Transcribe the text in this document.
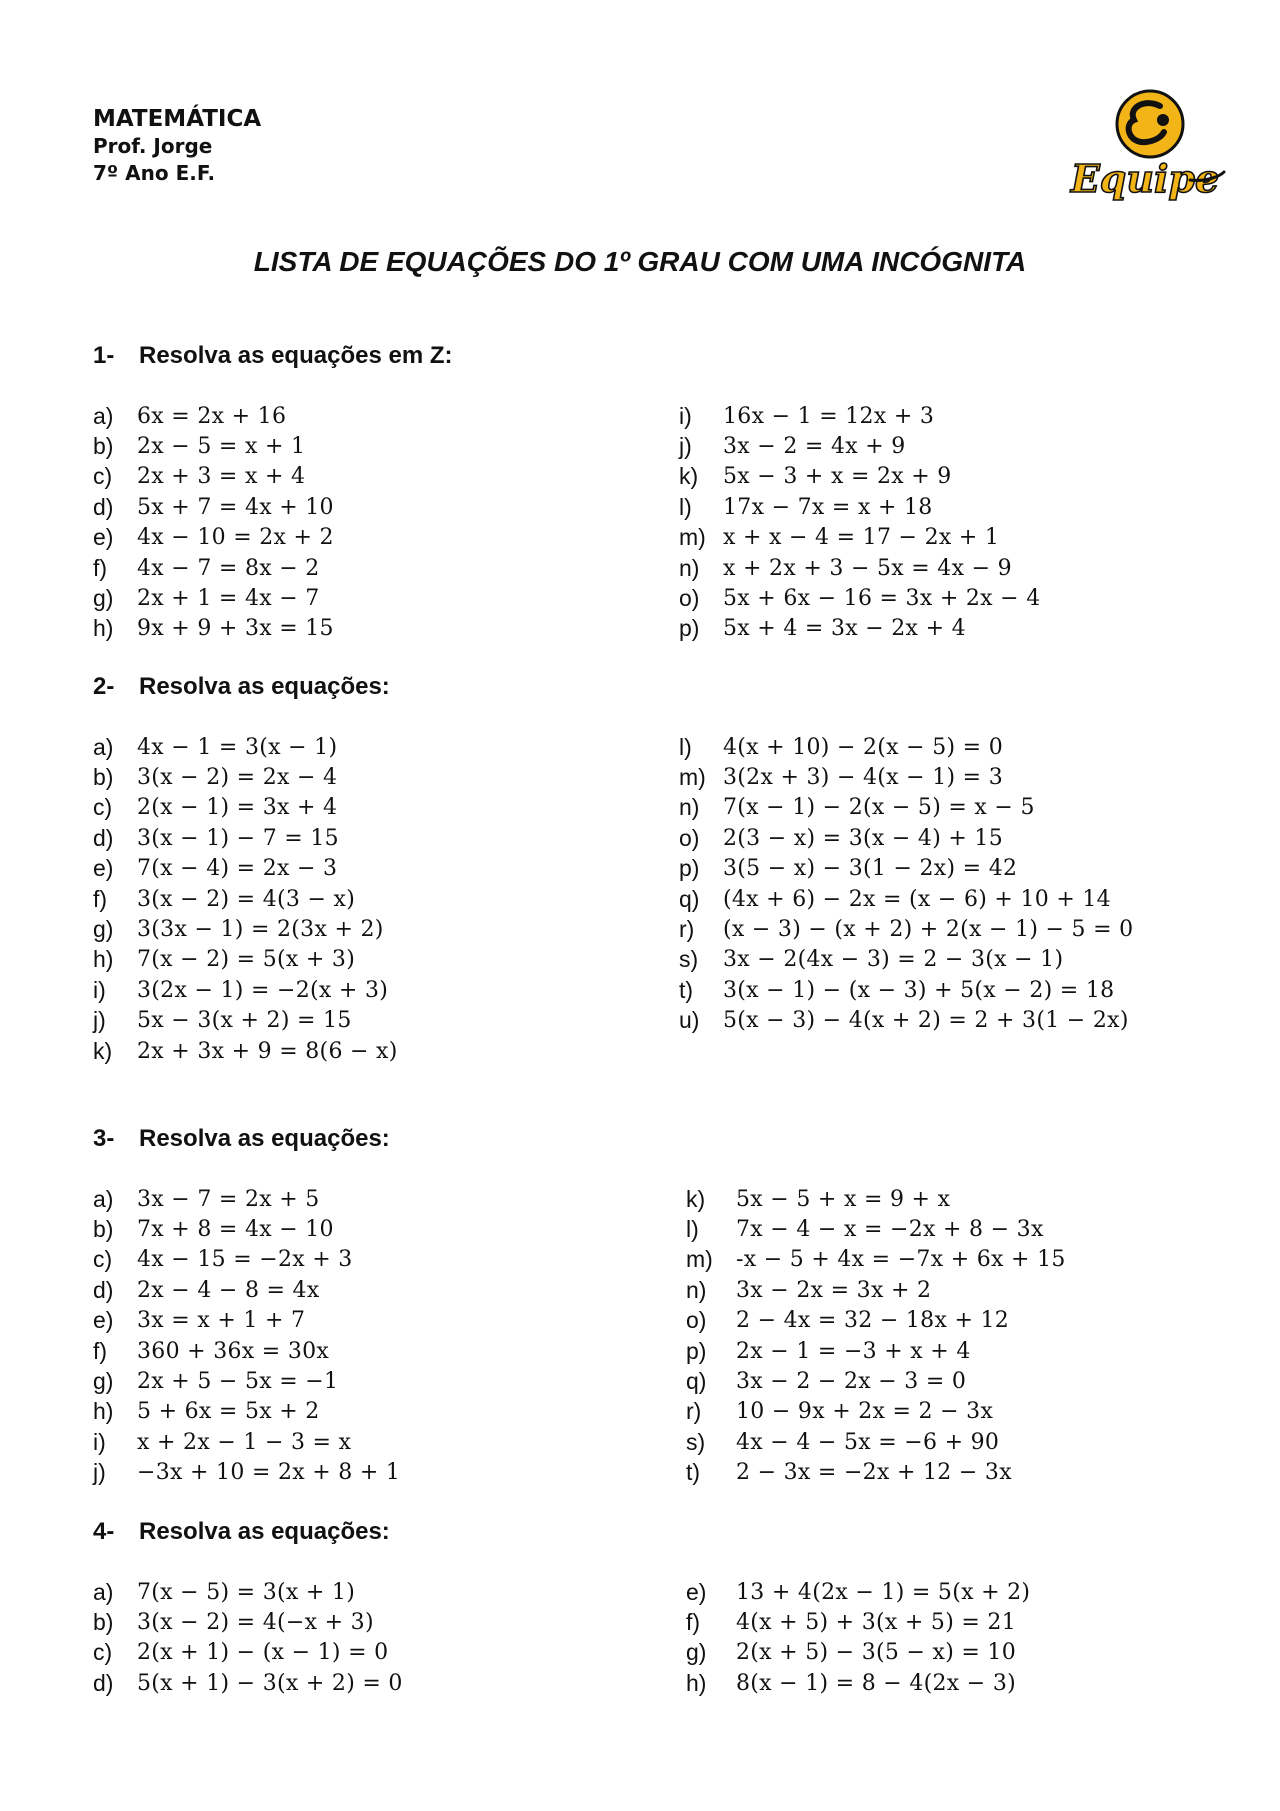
MATEMÁTICA
Prof. Jorge
7º Ano E.F.	Equipe
LISTA DE EQUAÇÕES DO 1º GRAU COM UMA INCÓGNITA
1- Resolva as equações em Z:
a)	6x = 2x + 16
b)	2x − 5 = x + 1
c)	2x + 3 = x + 4
d)	5x + 7 = 4x + 10
e)	4x − 10 = 2x + 2
f)	4x − 7 = 8x − 2
g)	2x + 1 = 4x − 7
h)	9x + 9 + 3x = 15
i)	16x − 1 = 12x + 3
j)	3x − 2 = 4x + 9
k)	5x − 3 + x = 2x + 9
l)	17x − 7x = x + 18
m) x + x − 4 = 17 − 2x + 1
n)	x + 2x + 3 − 5x = 4x − 9
o)	5x + 6x − 16 = 3x + 2x − 4
p)	5x + 4 = 3x − 2x + 4
2- Resolva as equações:
a)	4x − 1 = 3(x − 1)
b)	3(x − 2) = 2x − 4
c)	2(x − 1) = 3x + 4
d)	3(x − 1) − 7 = 15
e)	7(x − 4) = 2x − 3
f)	3(x − 2) = 4(3 − x)
g)	3(3x − 1) = 2(3x + 2)
h)	7(x − 2) = 5(x + 3)
i)	3(2x − 1) = −2(x + 3)
j)	5x − 3(x + 2) = 15
k)	2x + 3x + 9 = 8(6 − x)
l)	4(x + 10) − 2(x − 5) = 0
m) 3(2x + 3) − 4(x − 1) = 3
n)	7(x − 1) − 2(x − 5) = x − 5
o)	2(3 − x) = 3(x − 4) + 15
p)	3(5 − x) − 3(1 − 2x) = 42
q)	(4x + 6) − 2x = (x − 6) + 10 + 14
r)	(x − 3) − (x + 2) + 2(x − 1) − 5 = 0
s)	3x − 2(4x − 3) = 2 − 3(x − 1)
t)	3(x − 1) − (x − 3) + 5(x − 2) = 18
u)	5(x − 3) − 4(x + 2) = 2 + 3(1 − 2x)
3- Resolva as equações:
a)	3x − 7 = 2x + 5
b)	7x + 8 = 4x − 10
c)	4x − 15 = −2x + 3
d)	2x − 4 − 8 = 4x
e)	3x = x + 1 + 7
f)	360 + 36x = 30x
g)	2x + 5 − 5x = −1
h)	5 + 6x = 5x + 2
i)	x + 2x − 1 − 3 = x
j)	−3x + 10 = 2x + 8 + 1
k)	5x − 5 + x = 9 + x
l)	7x − 4 − x = −2x + 8 − 3x
m)	-x − 5 + 4x = −7x + 6x + 15
n)	3x − 2x = 3x + 2
o)	2 − 4x = 32 − 18x + 12
p)	2x − 1 = −3 + x + 4
q)	3x − 2 − 2x − 3 = 0
r)	10 − 9x + 2x = 2 − 3x
s)	4x − 4 − 5x = −6 + 90
t)	2 − 3x = −2x + 12 − 3x
4- Resolva as equações:
a)	7(x − 5) = 3(x + 1)
b)	3(x − 2) = 4(−x + 3)
c)	2(x + 1) − (x − 1) = 0
d)	5(x + 1) − 3(x + 2) = 0
e)	13 + 4(2x − 1) = 5(x + 2)
f)	4(x + 5) + 3(x + 5) = 21
g)	2(x + 5) − 3(5 − x) = 10
h)	8(x − 1) = 8 − 4(2x − 3)
